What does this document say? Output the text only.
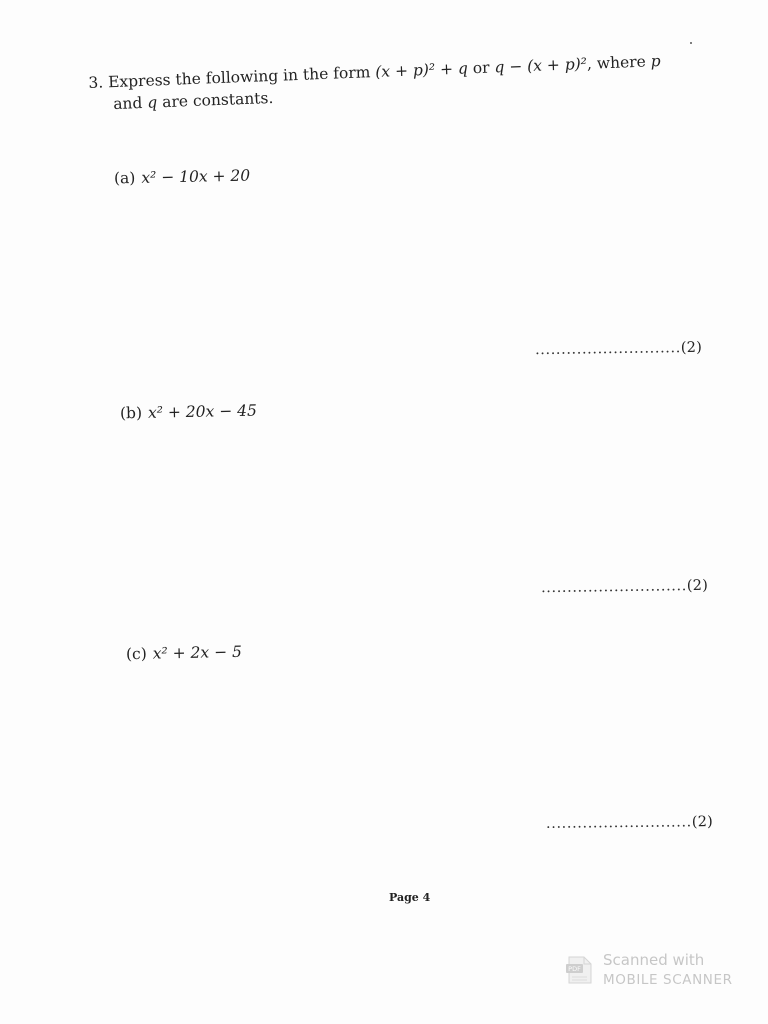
3. Express the following in the form (x + p)² + q or q − (x + p)², where p
and q are constants.
(a) x² − 10x + 20
............................(2)
(b) x² + 20x − 45
............................(2)
(c) x² + 2x − 5
............................(2)
Page 4
PDF Scanned with
MOBILE SCANNER
